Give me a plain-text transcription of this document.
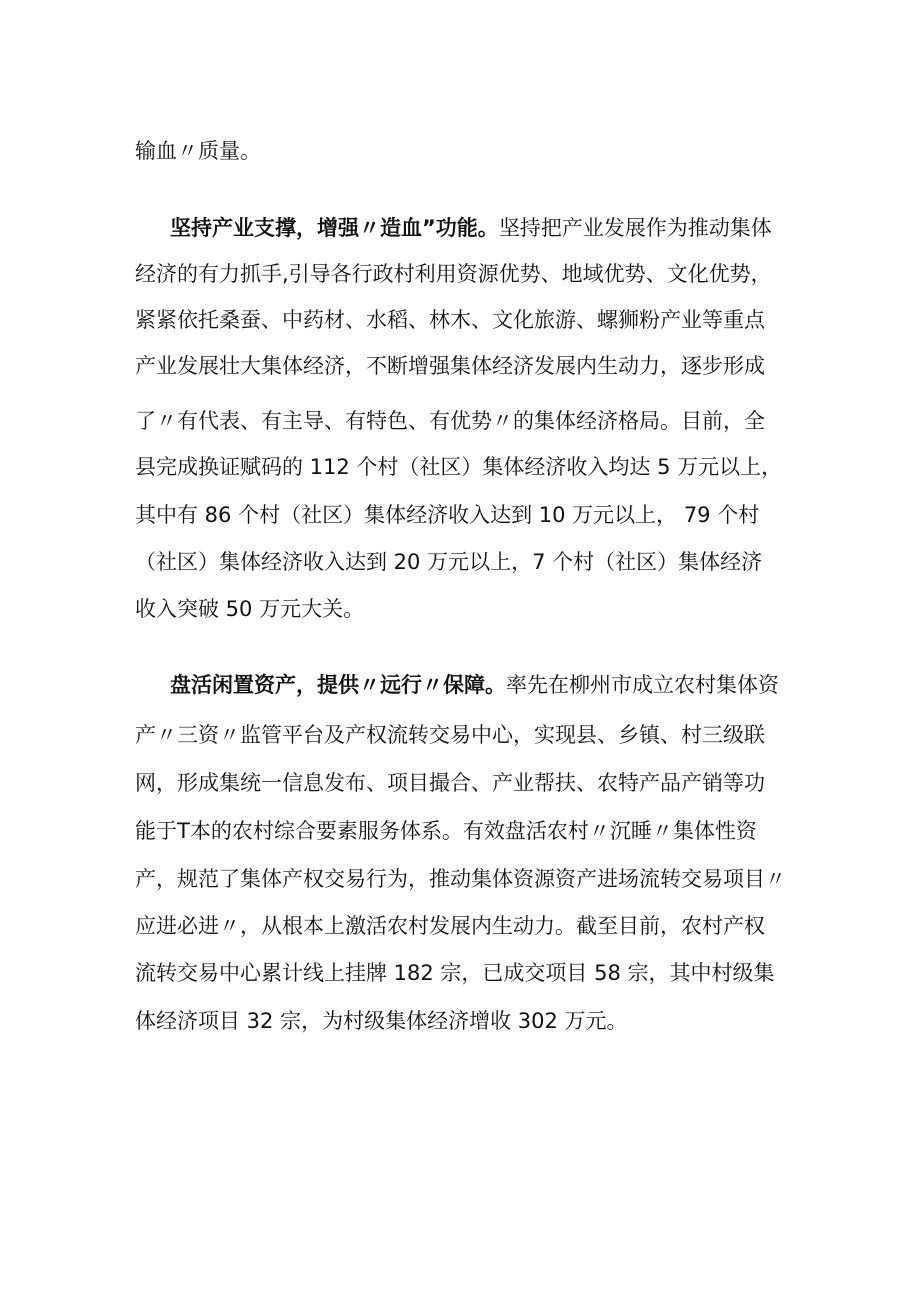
输血〃质量。
坚持产业支撑，增强〃造血”功能。坚持把产业发展作为推动集体
经济的有力抓手,引导各行政村利用资源优势、地域优势、文化优势，
紧紧依托桑蚕、中药材、水稻、林木、文化旅游、螺狮粉产业等重点
产业发展壮大集体经济，不断增强集体经济发展内生动力，逐步形成
了〃有代表、有主导、有特色、有优势〃的集体经济格局。目前，全
县完成换证赋码的 112 个村（社区）集体经济收入均达 5 万元以上，
其中有 86 个村（社区）集体经济收入达到 10 万元以上， 79 个村
（社区）集体经济收入达到 20 万元以上，7 个村（社区）集体经济
收入突破 50 万元大关。
盘活闲置资产，提供〃远行〃保障。率先在柳州市成立农村集体资
产〃三资〃监管平台及产权流转交易中心，实现县、乡镇、村三级联
网，形成集统一信息发布、项目撮合、产业帮扶、农特产品产销等功
能于T本的农村综合要素服务体系。有效盘活农村〃沉睡〃集体性资
产，规范了集体产权交易行为，推动集体资源资产进场流转交易项目〃
应进必进〃，从根本上激活农村发展内生动力。截至目前，农村产权
流转交易中心累计线上挂牌 182 宗，已成交项目 58 宗，其中村级集
体经济项目 32 宗，为村级集体经济增收 302 万元。
